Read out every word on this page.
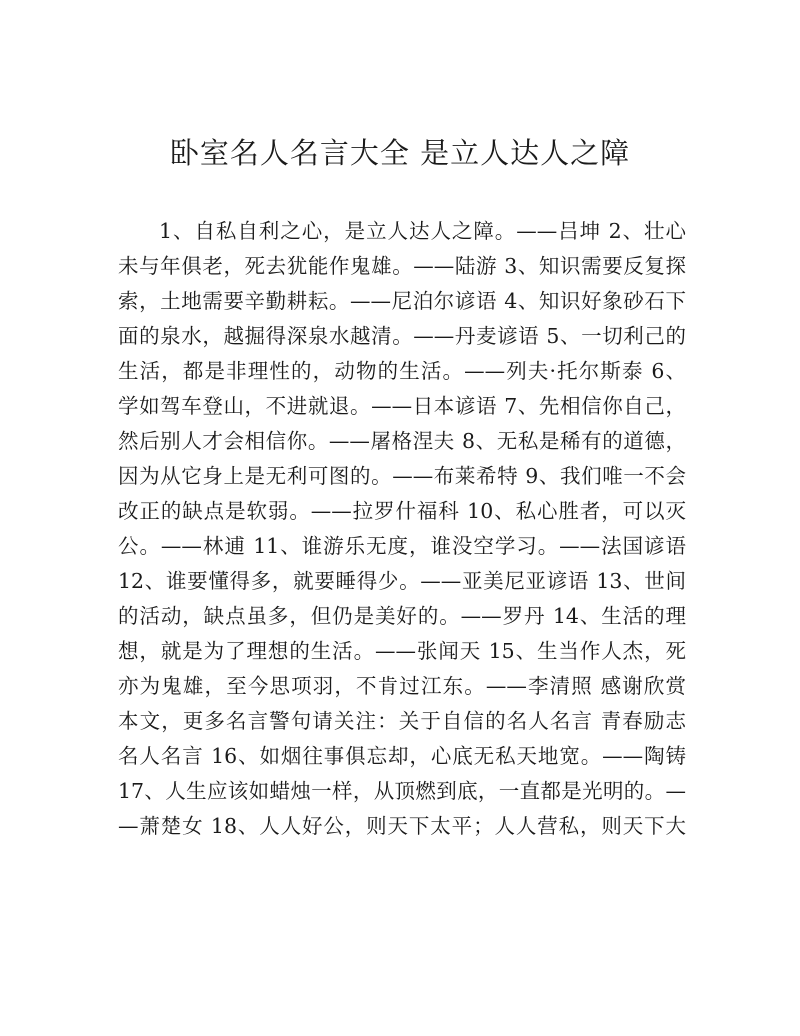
卧室名人名言大全 是立人达人之障
1、自私自利之心，是立人达人之障。——吕坤 2、壮心
未与年俱老，死去犹能作鬼雄。——陆游 3、知识需要反复探
索，土地需要辛勤耕耘。——尼泊尔谚语 4、知识好象砂石下
面的泉水，越掘得深泉水越清。——丹麦谚语 5、一切利己的
生活，都是非理性的，动物的生活。——列夫·托尔斯泰 6、
学如驾车登山，不进就退。——日本谚语 7、先相信你自己，
然后别人才会相信你。——屠格涅夫 8、无私是稀有的道德，
因为从它身上是无利可图的。——布莱希特 9、我们唯一不会
改正的缺点是软弱。——拉罗什福科 10、私心胜者，可以灭
公。——林逋 11、谁游乐无度，谁没空学习。——法国谚语
12、谁要懂得多，就要睡得少。——亚美尼亚谚语 13、世间
的活动，缺点虽多，但仍是美好的。——罗丹 14、生活的理
想，就是为了理想的生活。——张闻天 15、生当作人杰，死
亦为鬼雄，至今思项羽，不肯过江东。——李清照 感谢欣赏
本文，更多名言警句请关注：关于自信的名人名言 青春励志
名人名言 16、如烟往事俱忘却，心底无私天地宽。——陶铸
17、人生应该如蜡烛一样，从顶燃到底，一直都是光明的。—
—萧楚女 18、人人好公，则天下太平；人人营私，则天下大
